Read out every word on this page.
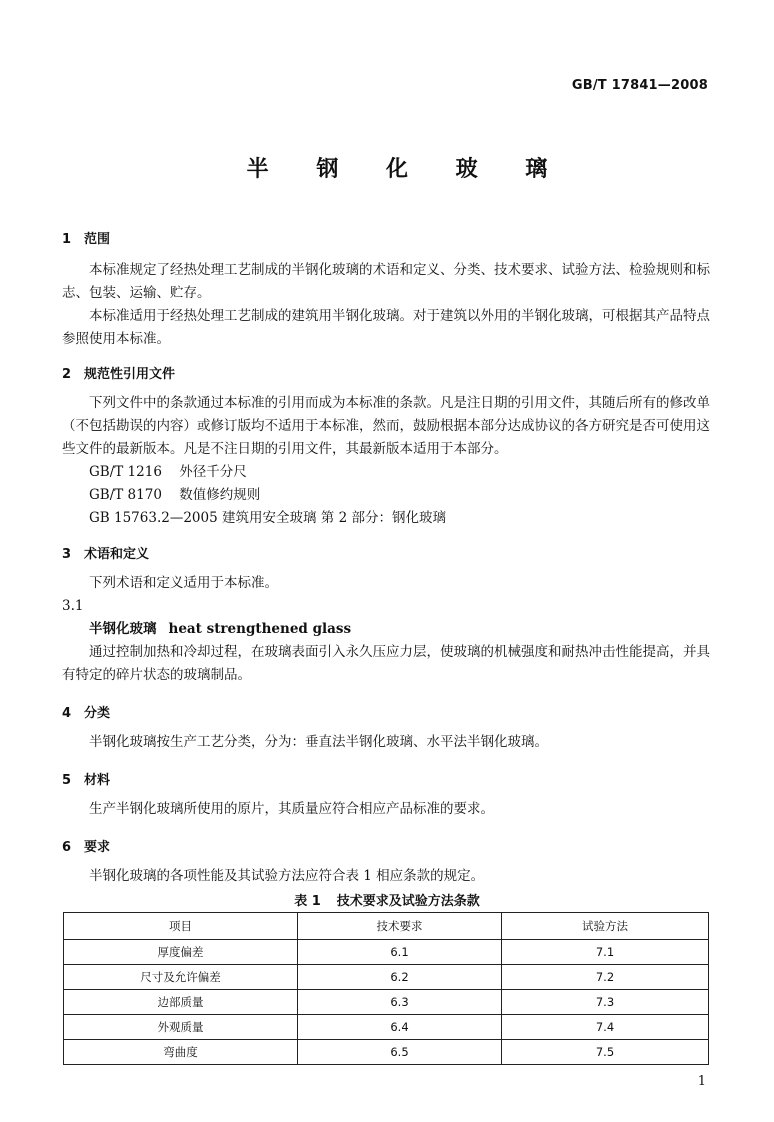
GB/T 17841—2008
半 钢 化 玻 璃
1 范围

本标准规定了经热处理工艺制成的半钢化玻璃的术语和定义、分类、技术要求、试验方法、检验规则和标志、包装、运输、贮存。

本标准适用于经热处理工艺制成的建筑用半钢化玻璃。对于建筑以外用的半钢化玻璃，可根据其产品特点参照使用本标准。

2 规范性引用文件

下列文件中的条款通过本标准的引用而成为本标准的条款。凡是注日期的引用文件，其随后所有的修改单（不包括勘误的内容）或修订版均不适用于本标准，然而，鼓励根据本部分达成协议的各方研究是否可使用这些文件的最新版本。凡是不注日期的引用文件，其最新版本适用于本部分。

GB/T 1216 外径千分尺
GB/T 8170 数值修约规则
GB 15763.2—2005 建筑用安全玻璃 第 2 部分：钢化玻璃
3 术语和定义
下列术语和定义适用于本标准。
3.1
半钢化玻璃 heat strengthened glass

通过控制加热和冷却过程，在玻璃表面引入永久压应力层，使玻璃的机械强度和耐热冲击性能提高，并具有特定的碎片状态的玻璃制品。

4 分类
半钢化玻璃按生产工艺分类，分为：垂直法半钢化玻璃、水平法半钢化玻璃。
5 材料
生产半钢化玻璃所使用的原片，其质量应符合相应产品标准的要求。
6 要求
半钢化玻璃的各项性能及其试验方法应符合表 1 相应条款的规定。
表 1 技术要求及试验方法条款
项目	技术要求	试验方法
厚度偏差	6.1	7.1
尺寸及允许偏差	6.2	7.2
边部质量	6.3	7.3
外观质量	6.4	7.4
弯曲度	6.5	7.5
1
